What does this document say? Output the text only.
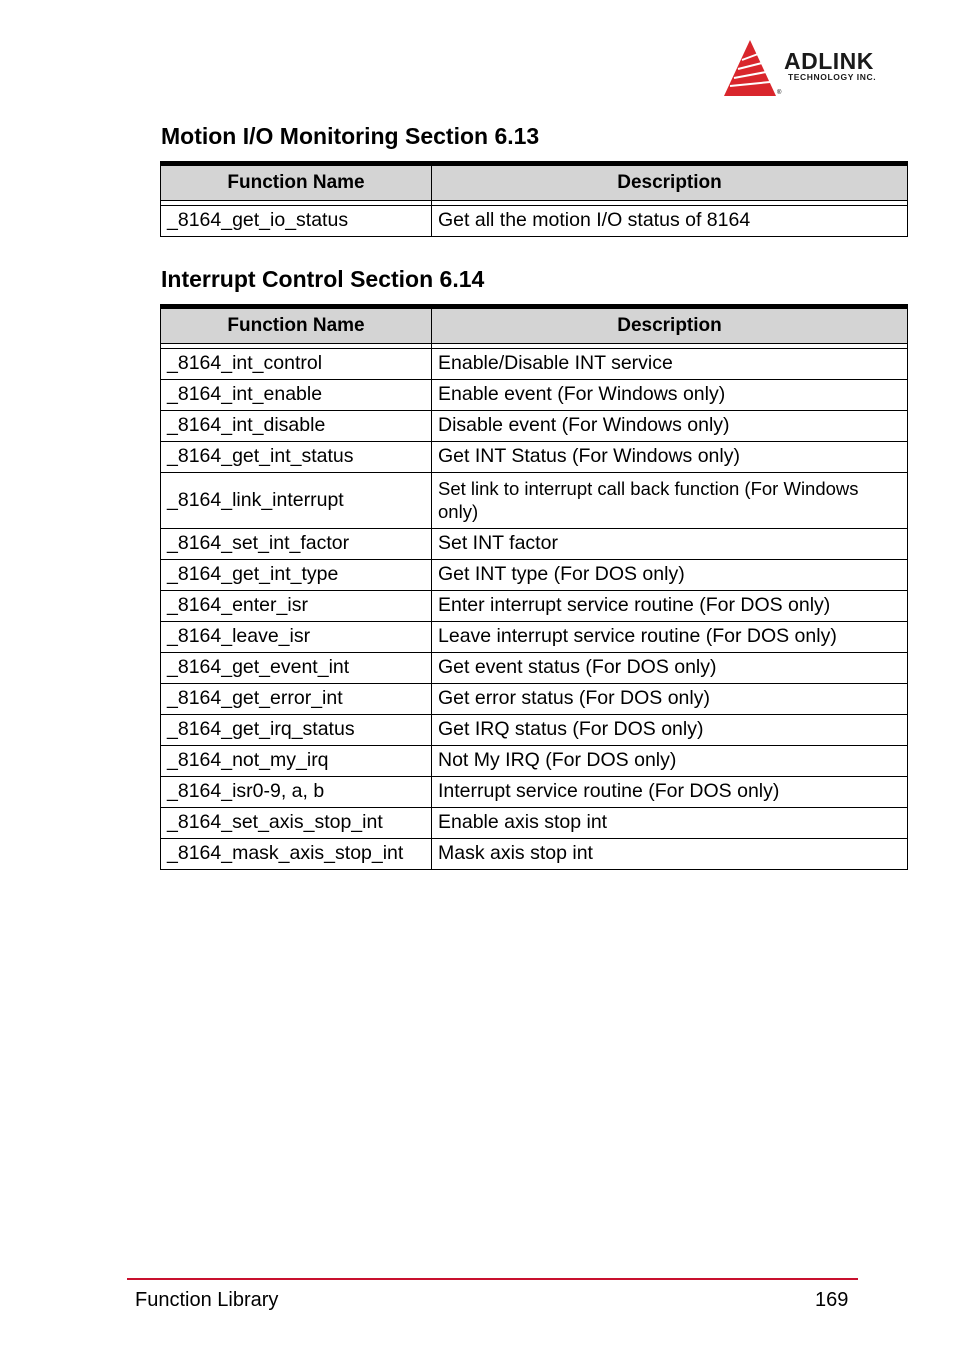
ADLINK
TECHNOLOGY INC.
®
Motion I/O Monitoring Section 6.13
Function Name	Description

_8164_get_io_status	Get all the motion I/O status of 8164
Interrupt Control Section 6.14
Function Name	Description

_8164_int_control	Enable/Disable INT service
_8164_int_enable	Enable event (For Windows only)
_8164_int_disable	Disable event (For Windows only)
_8164_get_int_status	Get INT Status (For Windows only)
_8164_link_interrupt	Set link to interrupt call back function (For Windows only)
_8164_set_int_factor	Set INT factor
_8164_get_int_type	Get INT type (For DOS only)
_8164_enter_isr	Enter interrupt service routine (For DOS only)
_8164_leave_isr	Leave interrupt service routine (For DOS only)
_8164_get_event_int	Get event status (For DOS only)
_8164_get_error_int	Get error status (For DOS only)
_8164_get_irq_status	Get IRQ status (For DOS only)
_8164_not_my_irq	Not My IRQ (For DOS only)
_8164_isr0-9, a, b	Interrupt service routine (For DOS only)
_8164_set_axis_stop_int	Enable axis stop int
_8164_mask_axis_stop_int	Mask axis stop int
Function Library	169
